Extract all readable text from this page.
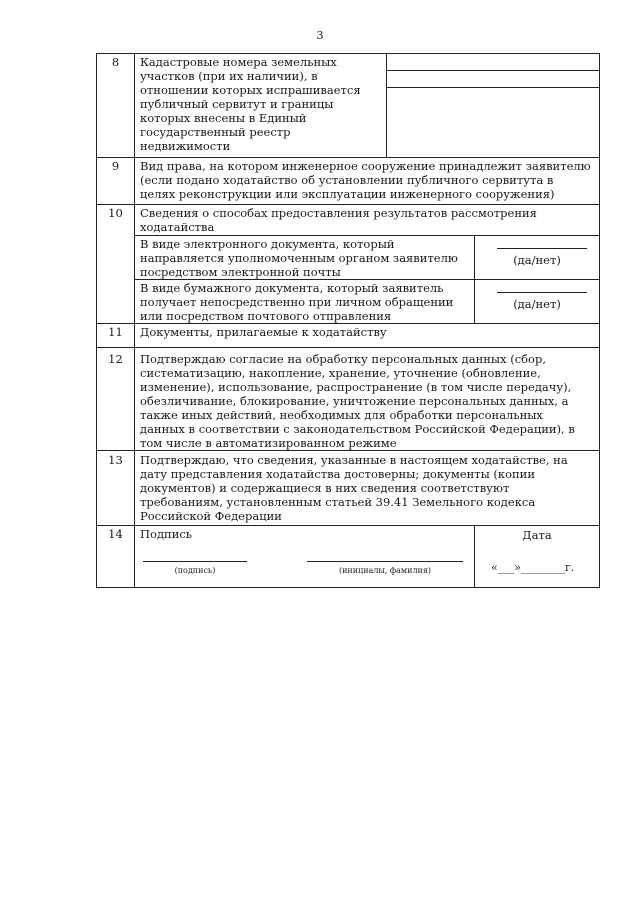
3
8	Кадастровые номера земельных
участков (при их наличии), в
отношении которых испрашивается
публичный сервитут и границы
которых внесены в Единый
государственный реестр
недвижимости
9	Вид права, на котором инженерное сооружение принадлежит заявителю
(если подано ходатайство об установлении публичного сервитута в
целях реконструкции или эксплуатации инженерного сооружения)
10	Сведения о способах предоставления результатов рассмотрения
ходатайства
В виде электронного документа, который
направляется уполномоченным органом заявителю
посредством электронной почты
(да/нет)
В виде бумажного документа, который заявитель
получает непосредственно при личном обращении
или посредством почтового отправления
(да/нет)
11	Документы, прилагаемые к ходатайству
12	Подтверждаю согласие на обработку персональных данных (сбор,
систематизацию, накопление, хранение, уточнение (обновление,
изменение), использование, распространение (в том числе передачу),
обезличивание, блокирование, уничтожение персональных данных, а
также иных действий, необходимых для обработки персональных
данных в соответствии с законодательством Российской Федерации), в
том числе в автоматизированном режиме
13	Подтверждаю, что сведения, указанные в настоящем ходатайстве, на
дату представления ходатайства достоверны; документы (копии
документов) и содержащиеся в них сведения соответствуют
требованиям, установленным статьей 39.41 Земельного кодекса
Российской Федерации
14	Подпись
(подпись)	(инициалы, фамилия)
Дата
«___»________г.
